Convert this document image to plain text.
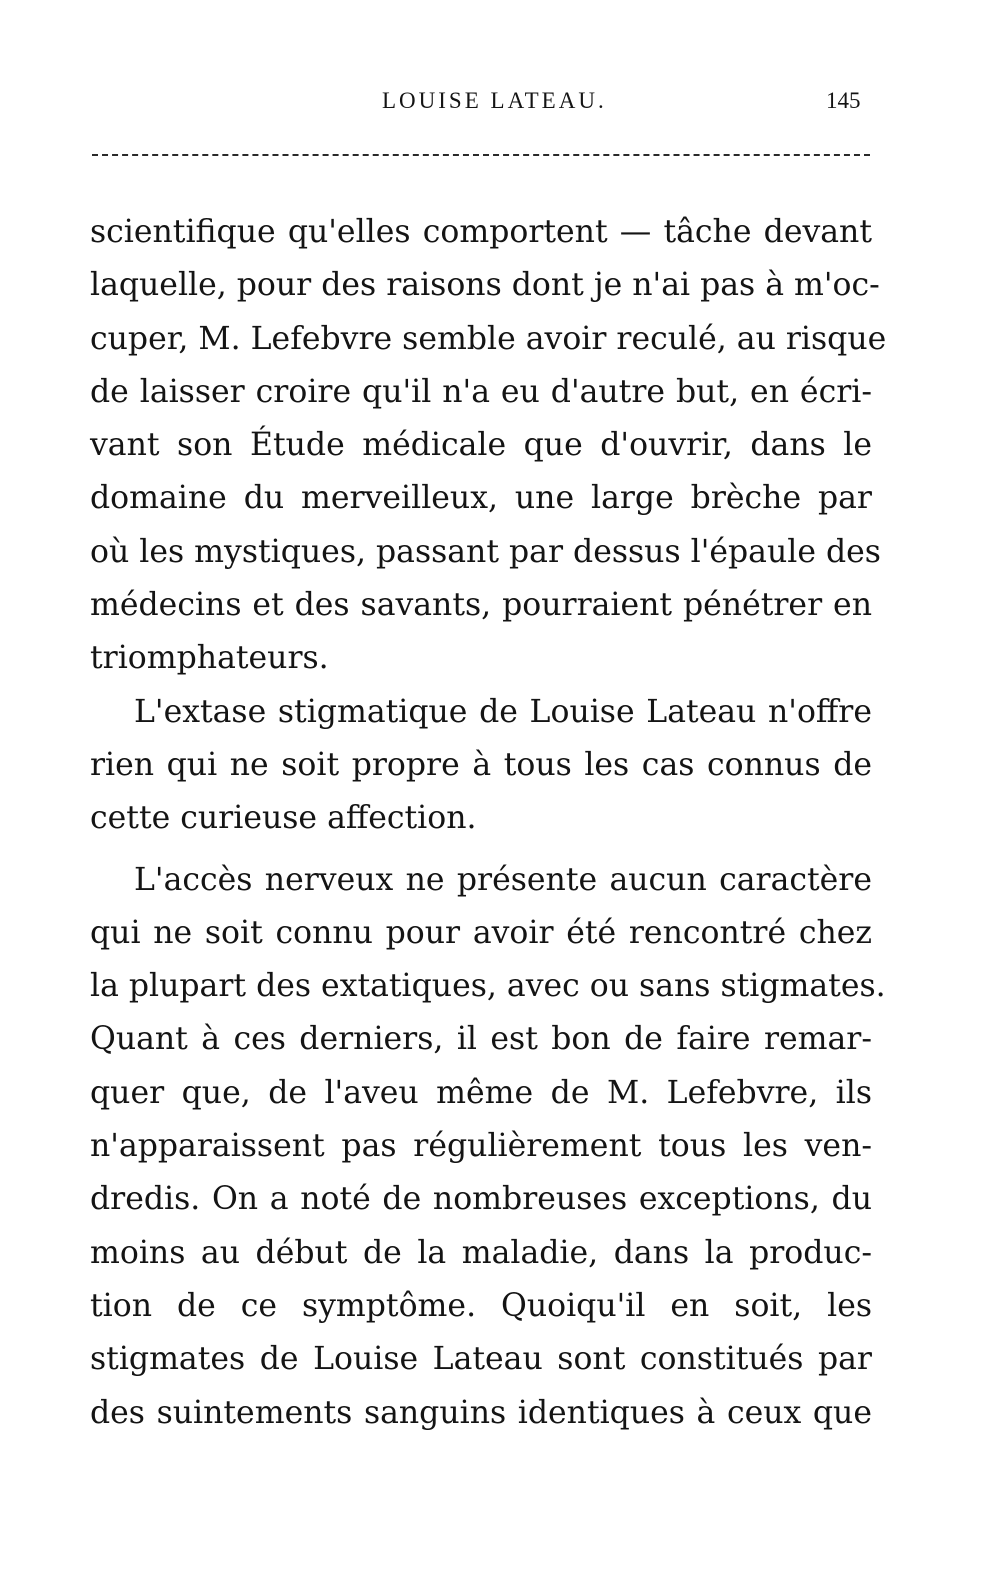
LOUISE LATEAU.	145
scientifique qu'elles comportent — tâche devant
laquelle, pour des raisons dont je n'ai pas à m'oc-
cuper, M. Lefebvre semble avoir reculé, au risque
de laisser croire qu'il n'a eu d'autre but, en écri-
vant son Étude médicale que d'ouvrir, dans le
domaine du merveilleux, une large brèche par
où les mystiques, passant par dessus l'épaule des
médecins et des savants, pourraient pénétrer en
triomphateurs.
L'extase stigmatique de Louise Lateau n'offre
rien qui ne soit propre à tous les cas connus de
cette curieuse affection.
L'accès nerveux ne présente aucun caractère
qui ne soit connu pour avoir été rencontré chez
la plupart des extatiques, avec ou sans stigmates.
Quant à ces derniers, il est bon de faire remar-
quer que, de l'aveu même de M. Lefebvre, ils
n'apparaissent pas régulièrement tous les ven-
dredis. On a noté de nombreuses exceptions, du
moins au début de la maladie, dans la produc-
tion de ce symptôme. Quoiqu'il en soit, les
stigmates de Louise Lateau sont constitués par
des suintements sanguins identiques à ceux que
